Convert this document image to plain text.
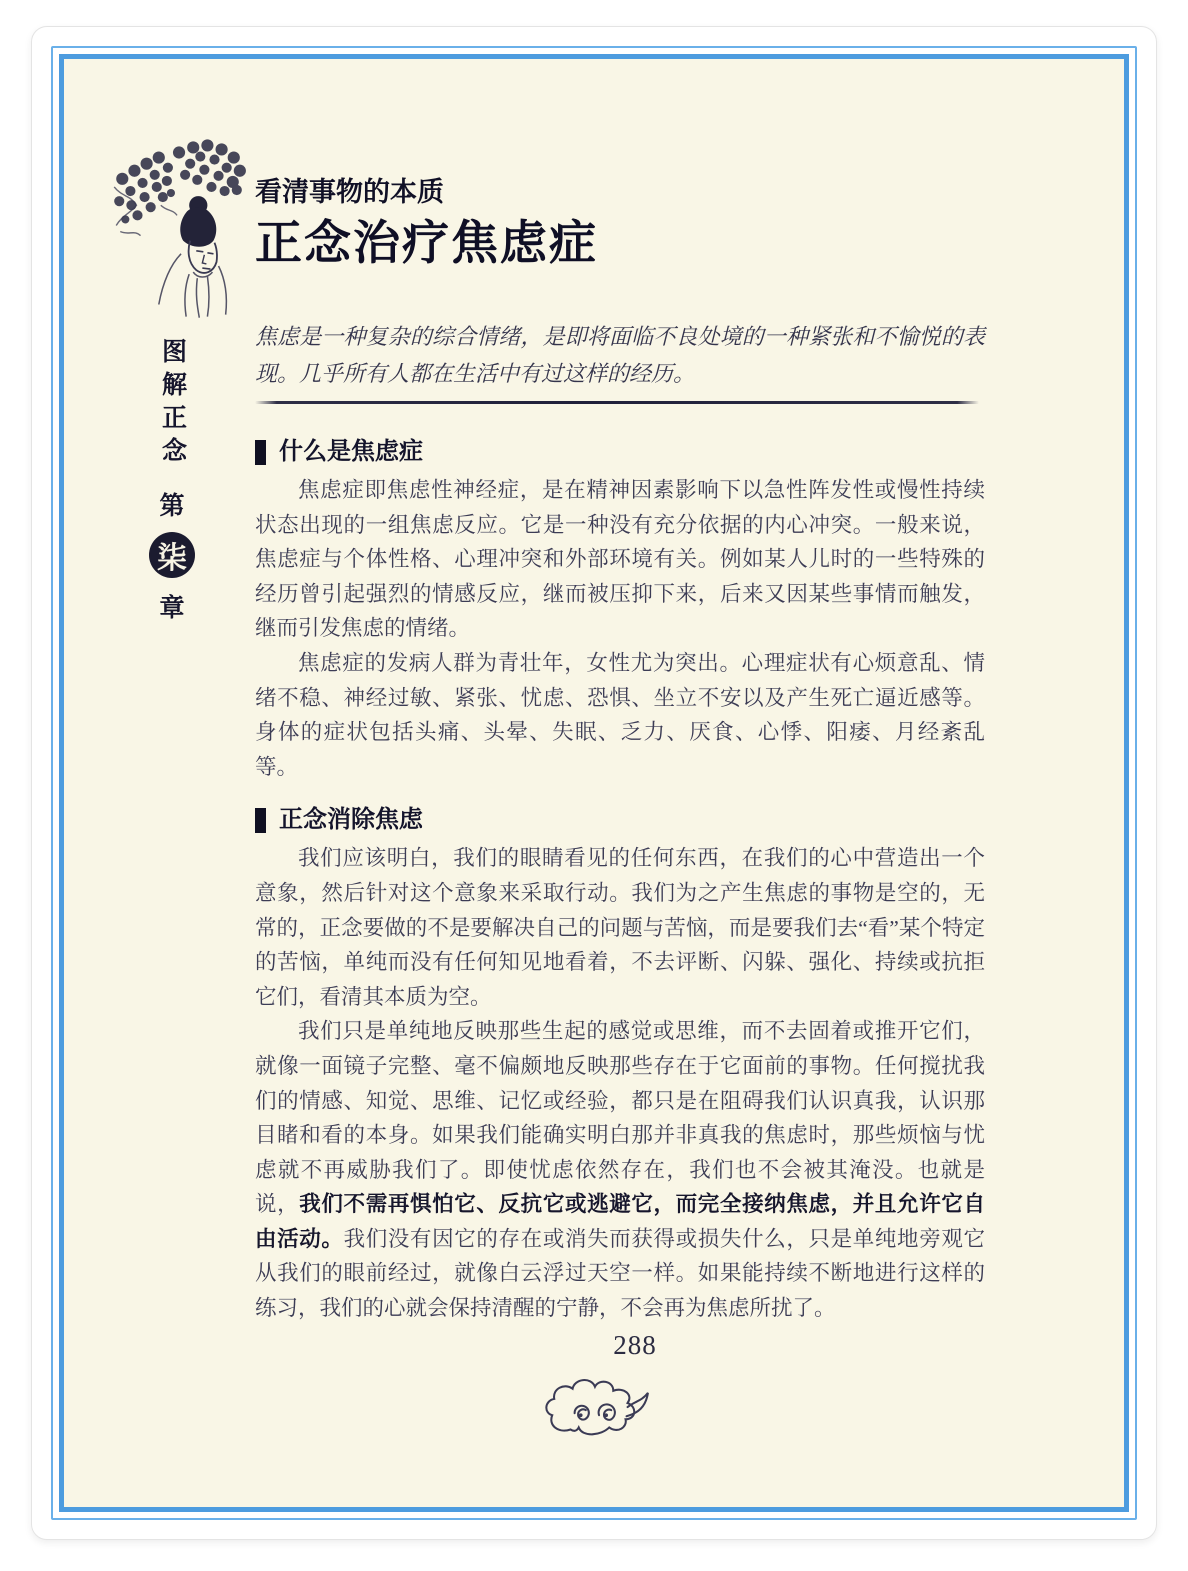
图解正念
第
柒
章
看清事物的本质
正念治疗焦虑症

焦虑是一种复杂的综合情绪，是即将面临不良处境的一种紧张和不愉悦的表现。几乎所有人都在生活中有过这样的经历。

什么是焦虑症

焦虑症即焦虑性神经症，是在精神因素影响下以急性阵发性或慢性持续状态出现的一组焦虑反应。它是一种没有充分依据的内心冲突。一般来说，焦虑症与个体性格、心理冲突和外部环境有关。例如某人儿时的一些特殊的经历曾引起强烈的情感反应，继而被压抑下来，后来又因某些事情而触发，继而引发焦虑的情绪。

焦虑症的发病人群为青壮年，女性尤为突出。心理症状有心烦意乱、情绪不稳、神经过敏、紧张、忧虑、恐惧、坐立不安以及产生死亡逼近感等。身体的症状包括头痛、头晕、失眠、乏力、厌食、心悸、阳痿、月经紊乱等。

正念消除焦虑

我们应该明白，我们的眼睛看见的任何东西，在我们的心中营造出一个意象，然后针对这个意象来采取行动。我们为之产生焦虑的事物是空的，无常的，正念要做的不是要解决自己的问题与苦恼，而是要我们去“看”某个特定的苦恼，单纯而没有任何知见地看着，不去评断、闪躲、强化、持续或抗拒它们，看清其本质为空。

我们只是单纯地反映那些生起的感觉或思维，而不去固着或推开它们，就像一面镜子完整、毫不偏颇地反映那些存在于它面前的事物。任何搅扰我们的情感、知觉、思维、记忆或经验，都只是在阻碍我们认识真我，认识那目睹和看的本身。如果我们能确实明白那并非真我的焦虑时，那些烦恼与忧虑就不再威胁我们了。即使忧虑依然存在，我们也不会被其淹没。也就是说，我们不需再惧怕它、反抗它或逃避它，而完全接纳焦虑，并且允许它自由活动。我们没有因它的存在或消失而获得或损失什么，只是单纯地旁观它从我们的眼前经过，就像白云浮过天空一样。如果能持续不断地进行这样的练习，我们的心就会保持清醒的宁静，不会再为焦虑所扰了。

288
